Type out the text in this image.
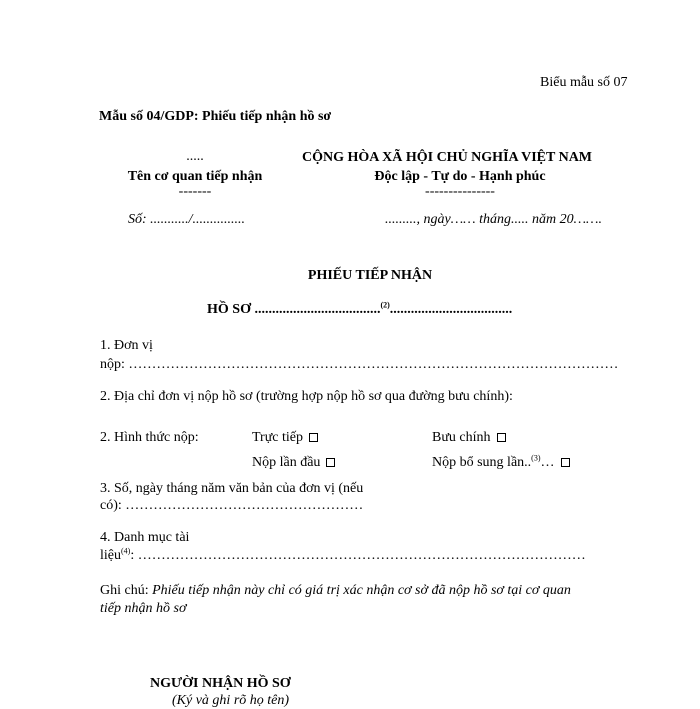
Biểu mẫu số 07
Mẫu số 04/GDP: Phiếu tiếp nhận hồ sơ
.....
Tên cơ quan tiếp nhận
-------
CỘNG HÒA XÃ HỘI CHỦ NGHĨA VIỆT NAM
Độc lập - Tự do - Hạnh phúc
---------------
Số: .........../...............	........., ngày…… tháng..... năm 20…….
PHIẾU TIẾP NHẬN
HỒ SƠ ....................................$^{(2)}$...................................
1. Đơn vị
nộp: ……………………………………………………………………………………………
2. Địa chỉ đơn vị nộp hồ sơ (trường hợp nộp hồ sơ qua đường bưu chính):
2. Hình thức nộp:	Trực tiếp	Bưu chính
Nộp lần đầu	Nộp bổ sung lần..$^{(3)}$…
3. Số, ngày tháng năm văn bản của đơn vị (nếu
có): ……………………………………………
4. Danh mục tài
liệu$^{(4)}$: ……………………………………………………………………………………
Ghi chú: Phiếu tiếp nhận này chỉ có giá trị xác nhận cơ sở đã nộp hồ sơ tại cơ quan
tiếp nhận hồ sơ
NGƯỜI NHẬN HỒ SƠ
(Ký và ghi rõ họ tên)
